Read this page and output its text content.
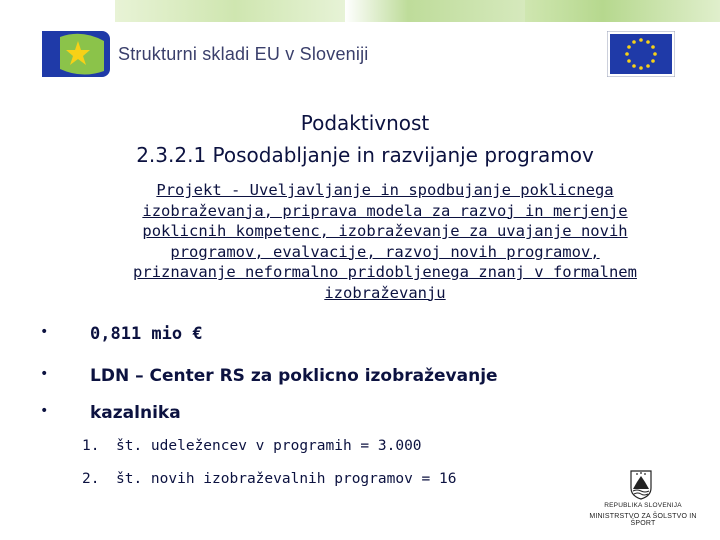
Strukturni skladi EU v Sloveniji
Podaktivnost
2.3.2.1 Posodabljanje in razvijanje programov
Projekt - Uveljavljanje in spodbujanje poklicnega
izobraževanja, priprava modela za razvoj in merjenje
poklicnih kompetenc, izobraževanje za uvajanje novih
programov, evalvacije, razvoj novih programov,
priznavanje neformalno pridobljenega znanj v formalnem
izobraževanju
• 0,811 mio €
• LDN – Center RS za poklicno izobraževanje
• kazalnika
1. št. udeležencev v programih = 3.000
2. št. novih izobraževalnih programov = 16
REPUBLIKA SLOVENIJA
MINISTRSTVO ZA ŠOLSTVO IN ŠPORT
